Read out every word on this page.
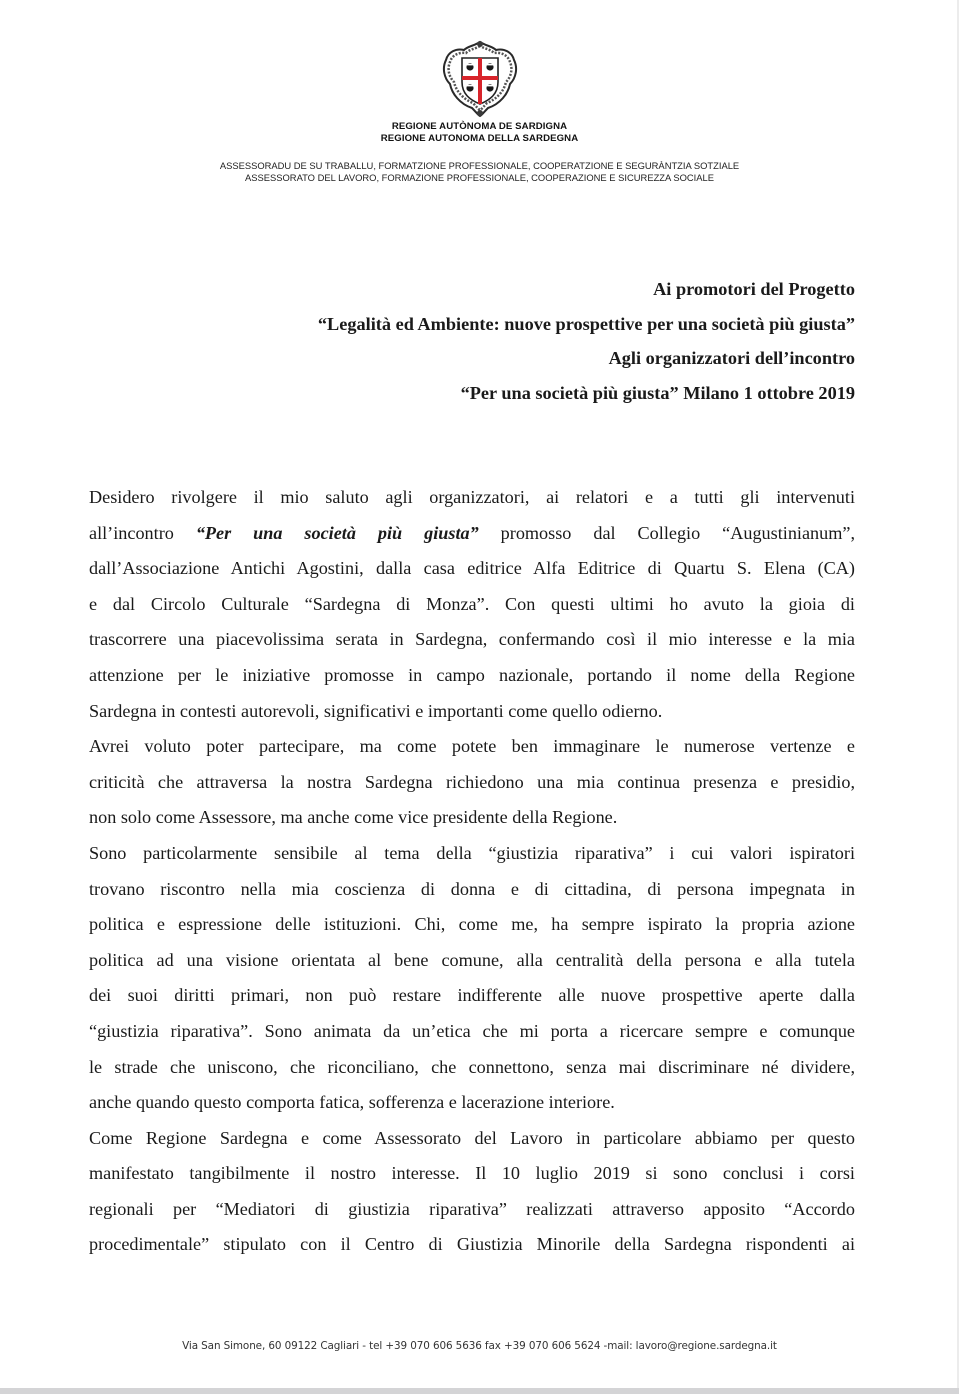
REGIONE AUTÒNOMA DE SARDIGNA
REGIONE AUTONOMA DELLA SARDEGNA
ASSESSORADU DE SU TRABALLU, FORMATZIONE PROFESSIONALE, COOPERATZIONE E SEGURÀNTZIA SOTZIALE
ASSESSORATO DEL LAVORO, FORMAZIONE PROFESSIONALE, COOPERAZIONE E SICUREZZA SOCIALE
Ai promotori del Progetto
“Legalità ed Ambiente: nuove prospettive per una società più giusta”
Agli organizzatori dell’incontro
“Per una società più giusta” Milano 1 ottobre 2019
Desidero rivolgere il mio saluto agli organizzatori, ai relatori e a tutti gli intervenuti
all’incontro “Per una società più giusta” promosso dal Collegio “Augustinianum”,
dall’Associazione Antichi Agostini, dalla casa editrice Alfa Editrice di Quartu S. Elena (CA)
e dal Circolo Culturale “Sardegna di Monza”. Con questi ultimi ho avuto la gioia di
trascorrere una piacevolissima serata in Sardegna, confermando così il mio interesse e la mia
attenzione per le iniziative promosse in campo nazionale, portando il nome della Regione
Sardegna in contesti autorevoli, significativi e importanti come quello odierno.
Avrei voluto poter partecipare, ma come potete ben immaginare le numerose vertenze e
criticità che attraversa la nostra Sardegna richiedono una mia continua presenza e presidio,
non solo come Assessore, ma anche come vice presidente della Regione.
Sono particolarmente sensibile al tema della “giustizia riparativa” i cui valori ispiratori
trovano riscontro nella mia coscienza di donna e di cittadina, di persona impegnata in
politica e espressione delle istituzioni. Chi, come me, ha sempre ispirato la propria azione
politica ad una visione orientata al bene comune, alla centralità della persona e alla tutela
dei suoi diritti primari, non può restare indifferente alle nuove prospettive aperte dalla
“giustizia riparativa”. Sono animata da un’etica che mi porta a ricercare sempre e comunque
le strade che uniscono, che riconciliano, che connettono, senza mai discriminare né dividere,
anche quando questo comporta fatica, sofferenza e lacerazione interiore.
Come Regione Sardegna e come Assessorato del Lavoro in particolare abbiamo per questo
manifestato tangibilmente il nostro interesse. Il 10 luglio 2019 si sono conclusi i corsi
regionali per “Mediatori di giustizia riparativa” realizzati attraverso apposito “Accordo
procedimentale” stipulato con il Centro di Giustizia Minorile della Sardegna rispondenti ai
Via San Simone, 60 09122 Cagliari - tel +39 070 606 5636 fax +39 070 606 5624 -mail: lavoro@regione.sardegna.it
